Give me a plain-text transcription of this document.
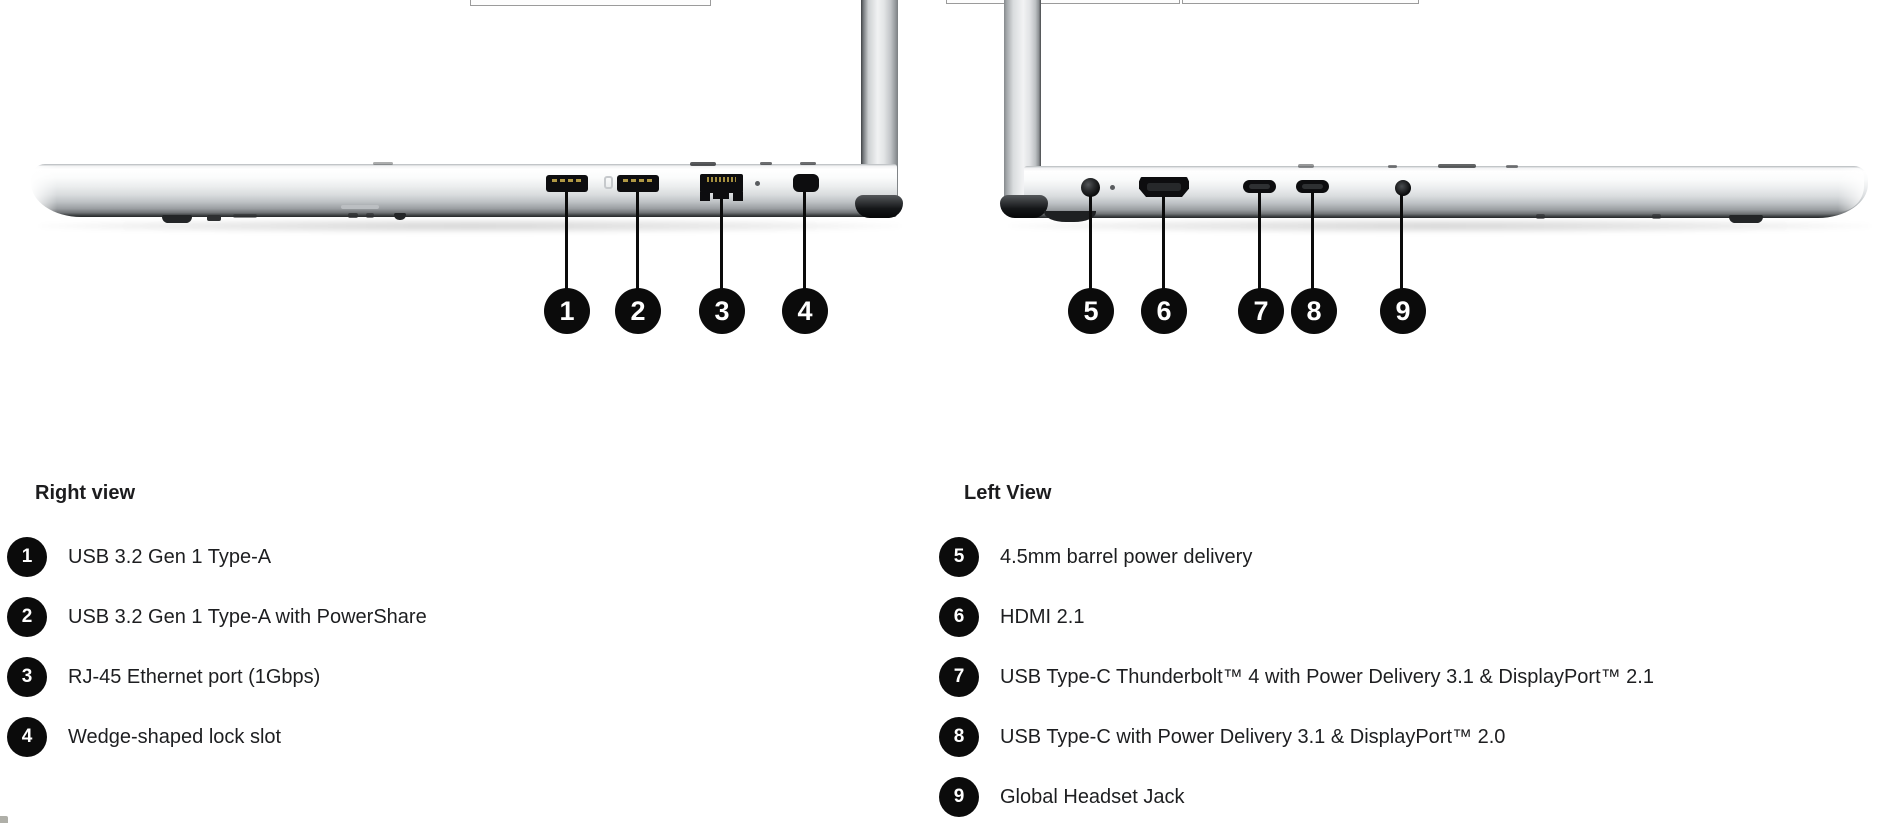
1 2	3	4	5 6	7 8	9
Right view
1 USB 3.2 Gen 1 Type-A
2 USB 3.2 Gen 1 Type-A with PowerShare
3 RJ-45 Ethernet port (1Gbps)
4 Wedge-shaped lock slot
Left View
5 4.5mm barrel power delivery
6 HDMI 2.1
7 USB Type-C Thunderbolt™ 4 with Power Delivery 3.1 & DisplayPort™ 2.1
8 USB Type-C with Power Delivery 3.1 & DisplayPort™ 2.0
9 Global Headset Jack
